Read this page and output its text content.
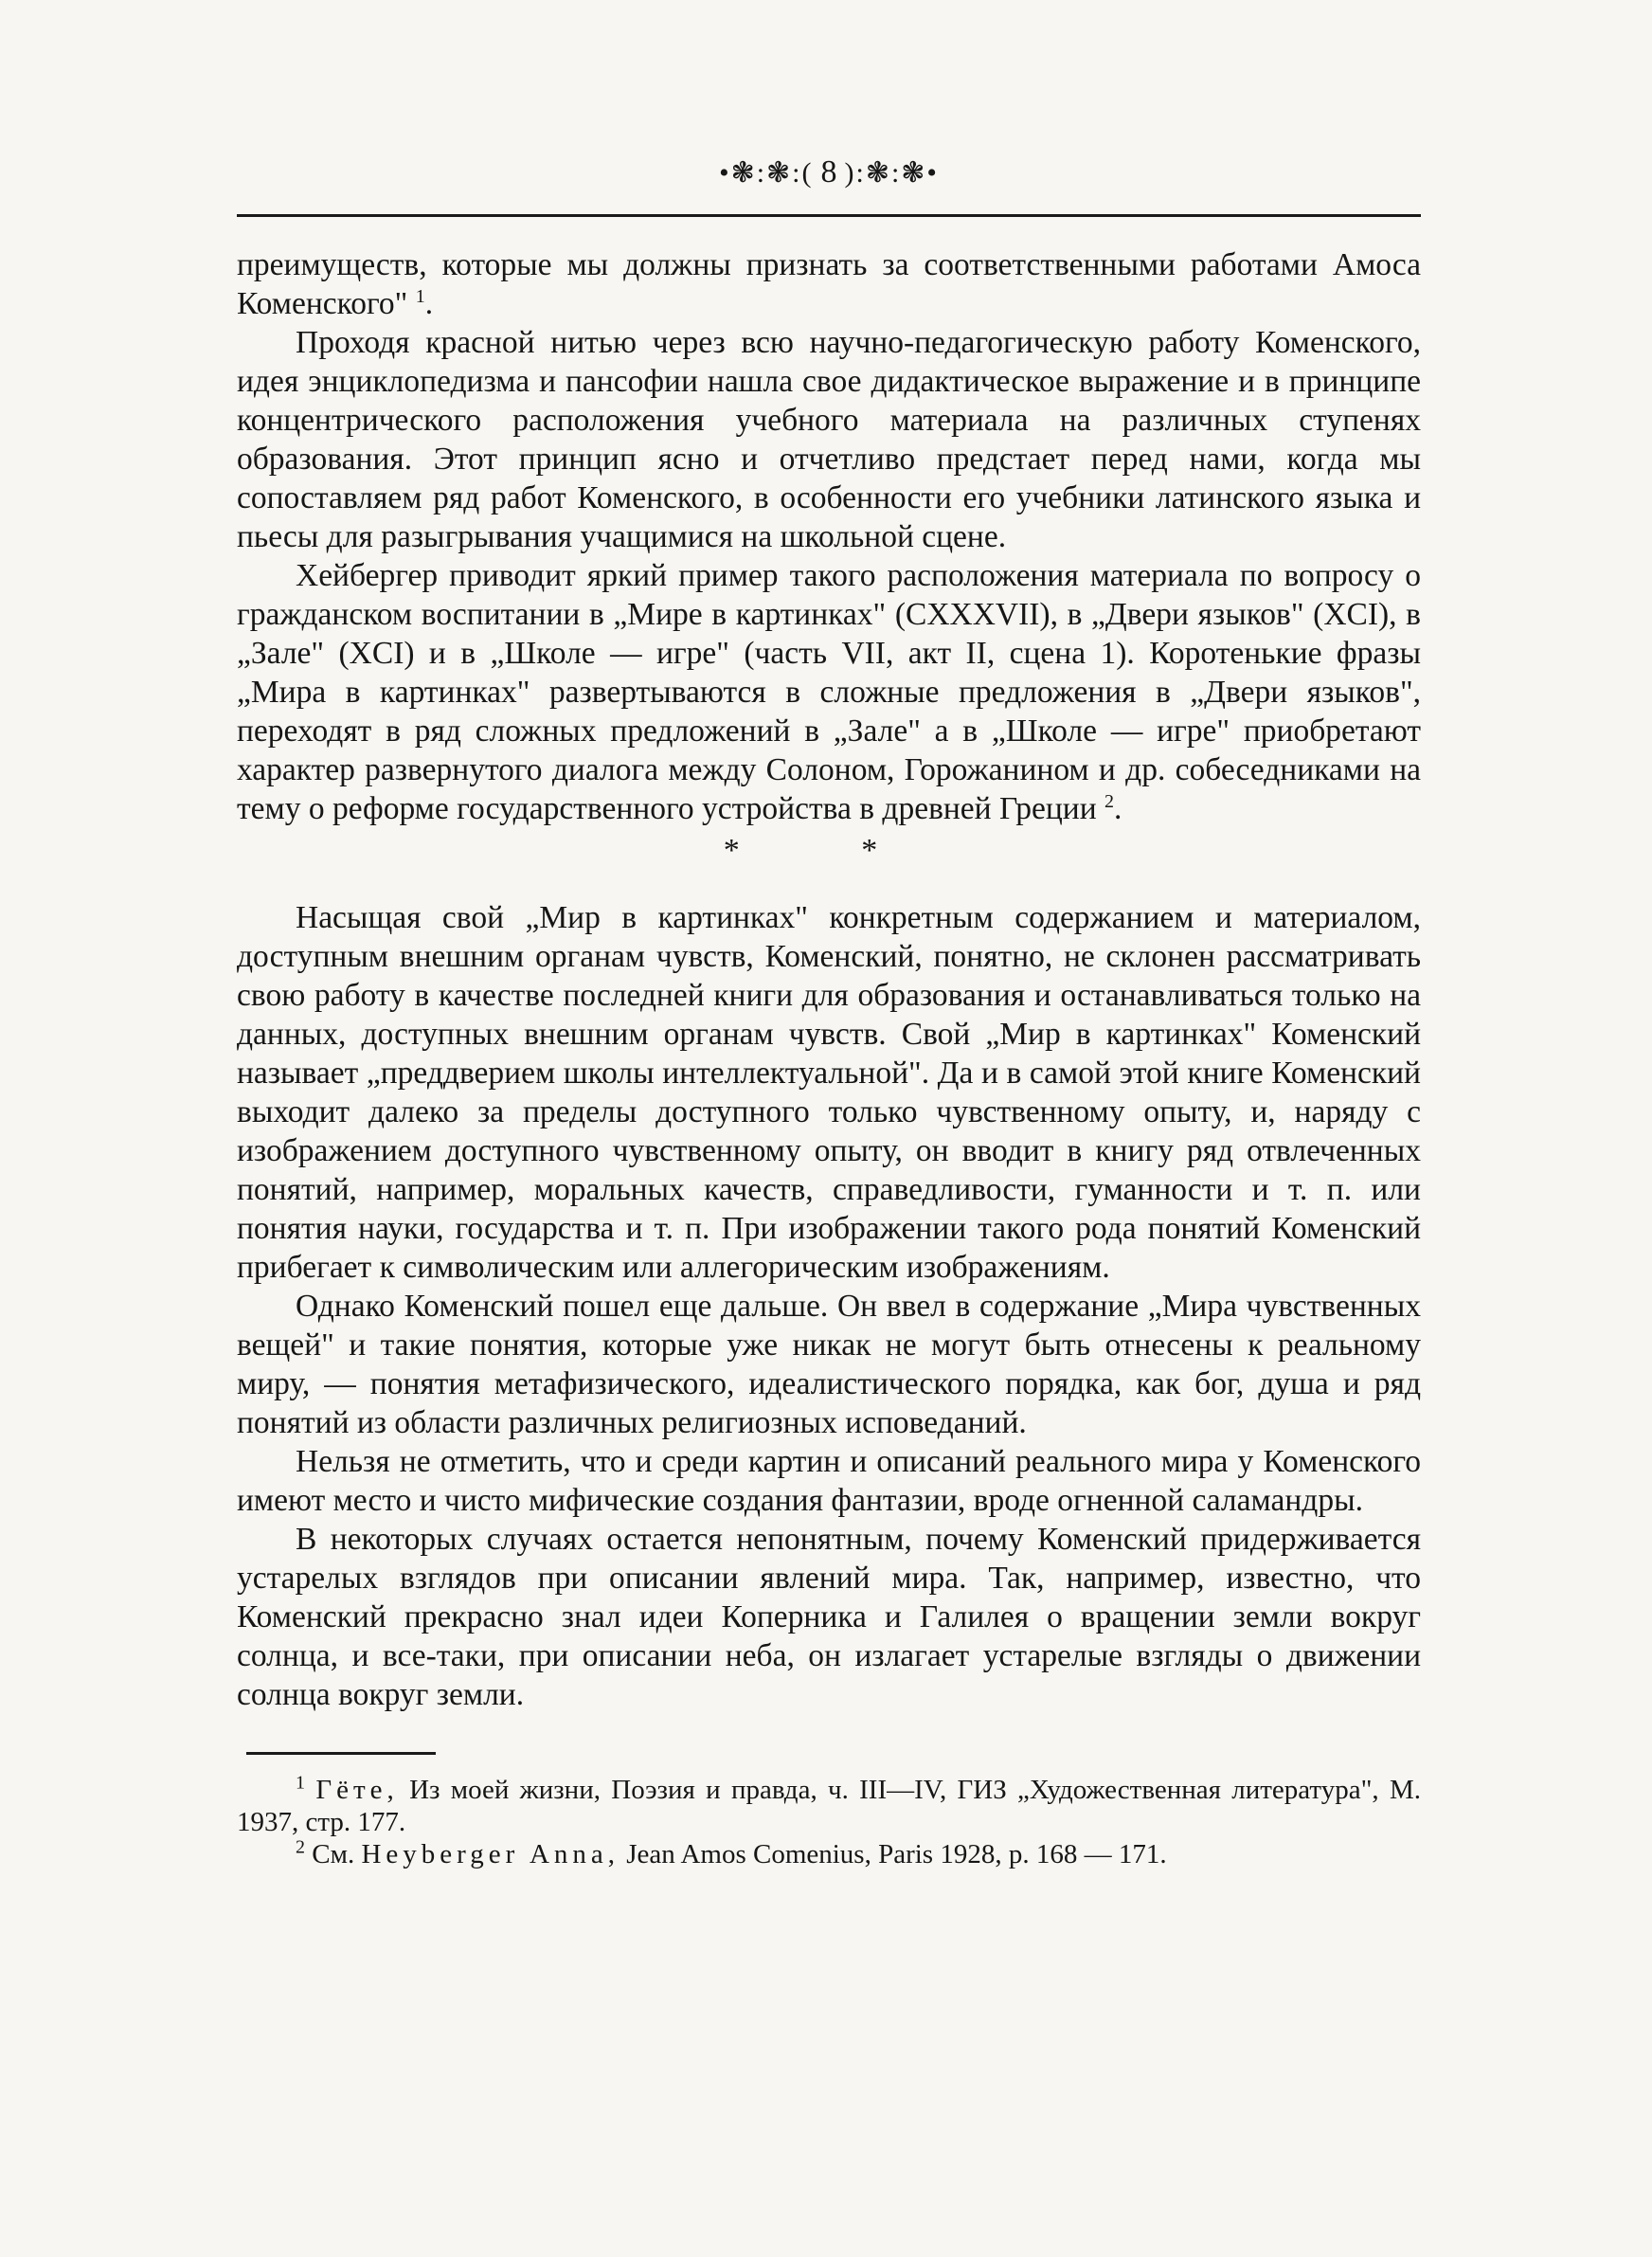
•❃:❃:( 8 ):❃:❃•

преимуществ, которые мы должны признать за соответственными работами Амоса Коменского" $^1$.

Проходя красной нитью через всю научно-педагогическую работу Коменского, идея энциклопедизма и пансофии нашла свое дидактическое выражение и в принципе концентрического расположения учебного материала на различных ступенях образования. Этот принцип ясно и отчетливо предстает перед нами, когда мы сопоставляем ряд работ Коменского, в особенности его учебники латинского языка и пьесы для разыгрывания учащимися на школьной сцене.

Хейбергер приводит яркий пример такого расположения материала по вопросу о гражданском воспитании в „Мире в картинках" (CXXXVII), в „Двери языков" (XCI), в „Зале" (XCI) и в „Школе — игре" (часть VII, акт II, сцена 1). Коротенькие фразы „Мира в картинках" развертываются в сложные предложения в „Двери языков", переходят в ряд сложных предложений в „Зале" а в „Школе — игре" приобретают характер развернутого диалога между Солоном, Горожанином и др. собеседниками на тему о реформе государственного устройства в древней Греции $^2$.

* *

Насыщая свой „Мир в картинках" конкретным содержанием и материалом, доступным внешним органам чувств, Коменский, понятно, не склонен рассматривать свою работу в качестве последней книги для образования и останавливаться только на данных, доступных внешним органам чувств. Свой „Мир в картинках" Коменский называет „преддверием школы интеллектуальной". Да и в самой этой книге Коменский выходит далеко за пределы доступного только чувственному опыту, и, наряду с изображением доступного чувственному опыту, он вводит в книгу ряд отвлеченных понятий, например, моральных качеств, справедливости, гуманности и т. п. или понятия науки, государства и т. п. При изображении такого рода понятий Коменский прибегает к символическим или аллегорическим изображениям.

Однако Коменский пошел еще дальше. Он ввел в содержание „Мира чувственных вещей" и такие понятия, которые уже никак не могут быть отнесены к реальному миру, — понятия метафизического, идеалистического порядка, как бог, душа и ряд понятий из области различных религиозных исповеданий.

Нельзя не отметить, что и среди картин и описаний реального мира у Коменского имеют место и чисто мифические создания фантазии, вроде огненной саламандры.

В некоторых случаях остается непонятным, почему Коменский придерживается устарелых взглядов при описании явлений мира. Так, например, известно, что Коменский прекрасно знал идеи Коперника и Галилея о вращении земли вокруг солнца, и все-таки, при описании неба, он излагает устарелые взгляды о движении солнца вокруг земли.

$^1$ Гёте, Из моей жизни, Поэзия и правда, ч. III—IV, ГИЗ „Художественная литература", М. 1937, стр. 177.

$^2$ См. Heyberger Anna, Jean Amos Comenius, Paris 1928, p. 168 — 171.
